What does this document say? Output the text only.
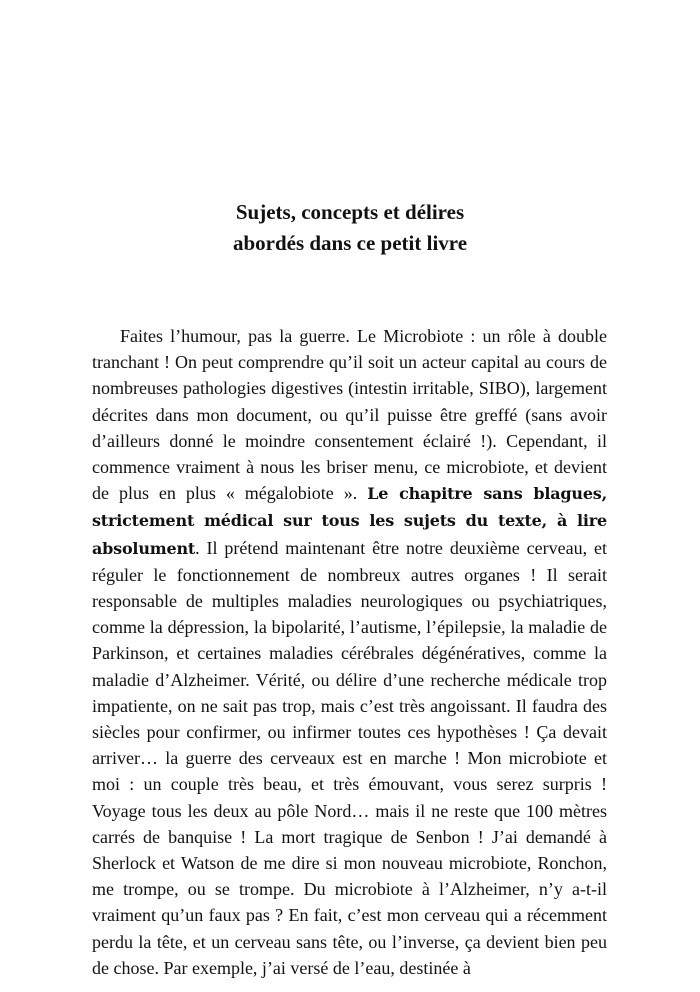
Sujets, concepts et délires
abordés dans ce petit livre

Faites l’humour, pas la guerre. Le Microbiote : un rôle à double tranchant ! On peut comprendre qu’il soit un acteur capital au cours de nombreuses pathologies digestives (intestin irritable, SIBO), largement décrites dans mon document, ou qu’il puisse être greffé (sans avoir d’ailleurs donné le moindre consentement éclairé !). Cependant, il commence vraiment à nous les briser menu, ce microbiote, et devient de plus en plus « mégalobiote ». Le chapitre sans blagues, strictement médical sur tous les sujets du texte, à lire absolument. Il prétend maintenant être notre deuxième cerveau, et réguler le fonctionnement de nombreux autres organes ! Il serait responsable de multiples maladies neurologiques ou psychiatriques, comme la dépression, la bipolarité, l’autisme, l’épilepsie, la maladie de Parkinson, et certaines maladies cérébrales dégénératives, comme la maladie d’Alzheimer. Vérité, ou délire d’une recherche médicale trop impatiente, on ne sait pas trop, mais c’est très angoissant. Il faudra des siècles pour confirmer, ou infirmer toutes ces hypothèses ! Ça devait arriver… la guerre des cerveaux est en marche ! Mon microbiote et moi : un couple très beau, et très émouvant, vous serez surpris ! Voyage tous les deux au pôle Nord… mais il ne reste que 100 mètres carrés de banquise ! La mort tragique de Senbon ! J’ai demandé à Sherlock et Watson de me dire si mon nouveau microbiote, Ronchon, me trompe, ou se trompe. Du microbiote à l’Alzheimer, n’y a-t-il vraiment qu’un faux pas ? En fait, c’est mon cerveau qui a récemment perdu la tête, et un cerveau sans tête, ou l’inverse, ça devient bien peu de chose. Par exemple, j’ai versé de l’eau, destinée à
